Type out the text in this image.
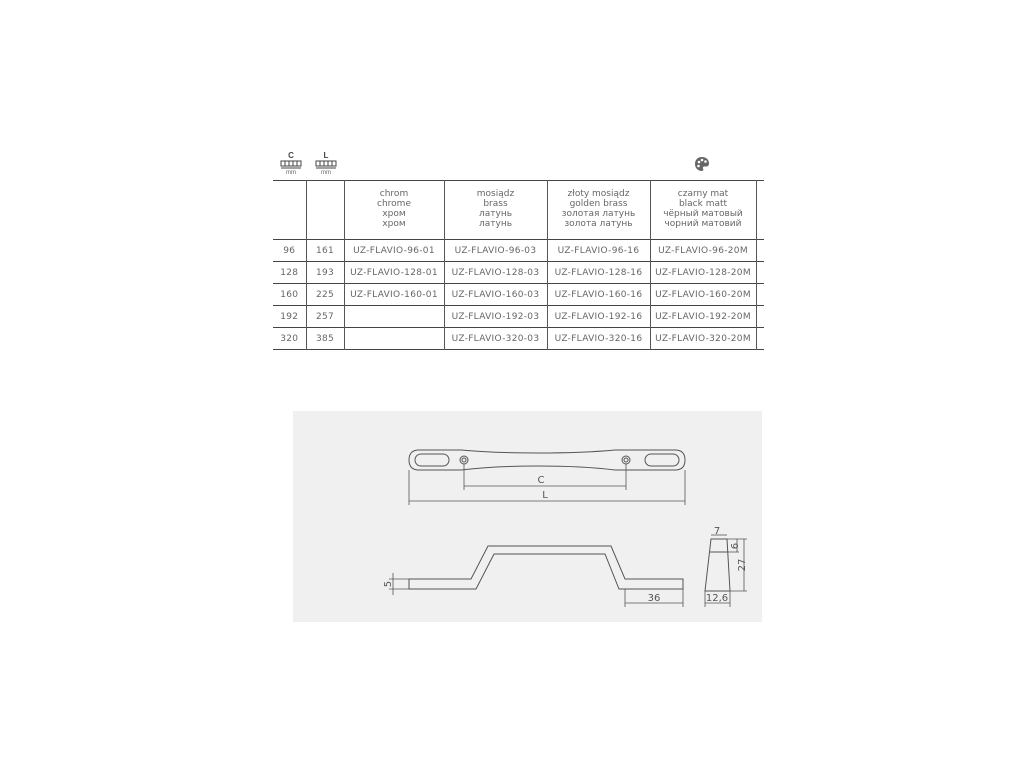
C
mm
L
mm

		chrom
chrome
хром
хром	mosiądz
brass
латунь
латунь	złoty mosiądz
golden brass
золотая латунь
золота латунь	czarny mat
black matt
чёрный матовый
чорний матовий	

96	161	UZ-FLAVIO-96-01	UZ-FLAVIO-96-03	UZ-FLAVIO-96-16	UZ-FLAVIO-96-20M	
128	193	UZ-FLAVIO-128-01	UZ-FLAVIO-128-03	UZ-FLAVIO-128-16	UZ-FLAVIO-128-20M	
160	225	UZ-FLAVIO-160-01	UZ-FLAVIO-160-03	UZ-FLAVIO-160-16	UZ-FLAVIO-160-20M	
192	257		UZ-FLAVIO-192-03	UZ-FLAVIO-192-16	UZ-FLAVIO-192-20M	
320	385		UZ-FLAVIO-320-03	UZ-FLAVIO-320-16	UZ-FLAVIO-320-20M	
C
L
5
36
7
6
27
12,6
